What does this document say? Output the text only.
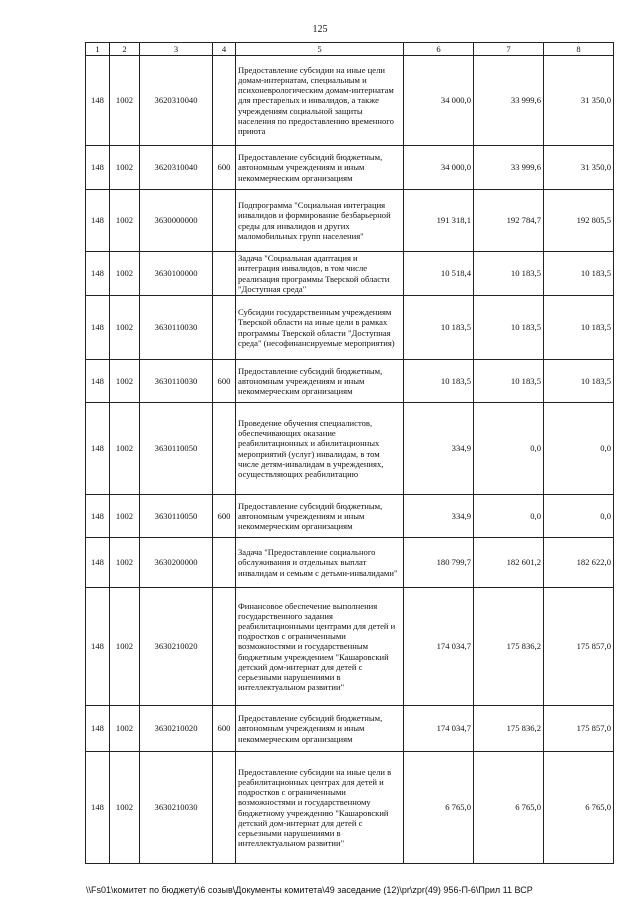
125
1	2	3	4	5	6	7	8
148	1002	3620310040		Предоставление субсидии на иные цели домам-интернатам, специальным и психоневрологическим домам-интернатам для престарелых и инвалидов, а также учреждениям социальной защиты населения по предоставлению временного приюта	34 000,0	33 999,6	31 350,0
148	1002	3620310040	600	Предоставление субсидий бюджетным, автономным учреждениям и иным некоммерческим организациям	34 000,0	33 999,6	31 350,0
148	1002	3630000000		Подпрограмма "Социальная интеграция инвалидов и формирование безбарьерной среды для инвалидов и других маломобильных групп населения"	191 318,1	192 784,7	192 805,5
148	1002	3630100000		Задача "Социальная адаптация и интеграция инвалидов, в том числе реализация программы Тверской области "Доступная среда"	10 518,4	10 183,5	10 183,5
148	1002	3630110030		Субсидии государственным учреждениям Тверской области на иные цели в рамках программы Тверской области "Доступная среда" (несофинансируемые мероприятия)	10 183,5	10 183,5	10 183,5
148	1002	3630110030	600	Предоставление субсидий бюджетным, автономным учреждениям и иным некоммерческим организациям	10 183,5	10 183,5	10 183,5
148	1002	3630110050		Проведение обучения специалистов, обеспечивающих оказание реабилитационных и абилитационных мероприятий (услуг) инвалидам, в том числе детям-инвалидам в учреждениях, осуществляющих реабилитацию	334,9	0,0	0,0
148	1002	3630110050	600	Предоставление субсидий бюджетным, автономным учреждениям и иным некоммерческим организациям	334,9	0,0	0,0
148	1002	3630200000		Задача "Предоставление социального обслуживания и отдельных выплат инвалидам и семьям с детьми-инвалидами"	180 799,7	182 601,2	182 622,0
148	1002	3630210020		Финансовое обеспечение выполнения государственного задания реабилитационными центрами для детей и подростков с ограниченными возможностями и государственным бюджетным учреждением "Кашаровский детский дом-интернат для детей с серьезными нарушениями в интеллектуальном развитии"	174 034,7	175 836,2	175 857,0
148	1002	3630210020	600	Предоставление субсидий бюджетным, автономным учреждениям и иным некоммерческим организациям	174 034,7	175 836,2	175 857,0
148	1002	3630210030		Предоставление субсидии на иные цели в реабилитационных центрах для детей и подростков с ограниченными возможностями и государственному бюджетному учреждению "Кашаровский детский дом-интернат для детей с серьезными нарушениями в интеллектуальном развитии"	6 765,0	6 765,0	6 765,0
\\Fs01\комитет по бюджету\6 созыв\Документы комитета\49 заседание (12)\pr\zpr(49) 956-П-6\Прил 11 ВСР
